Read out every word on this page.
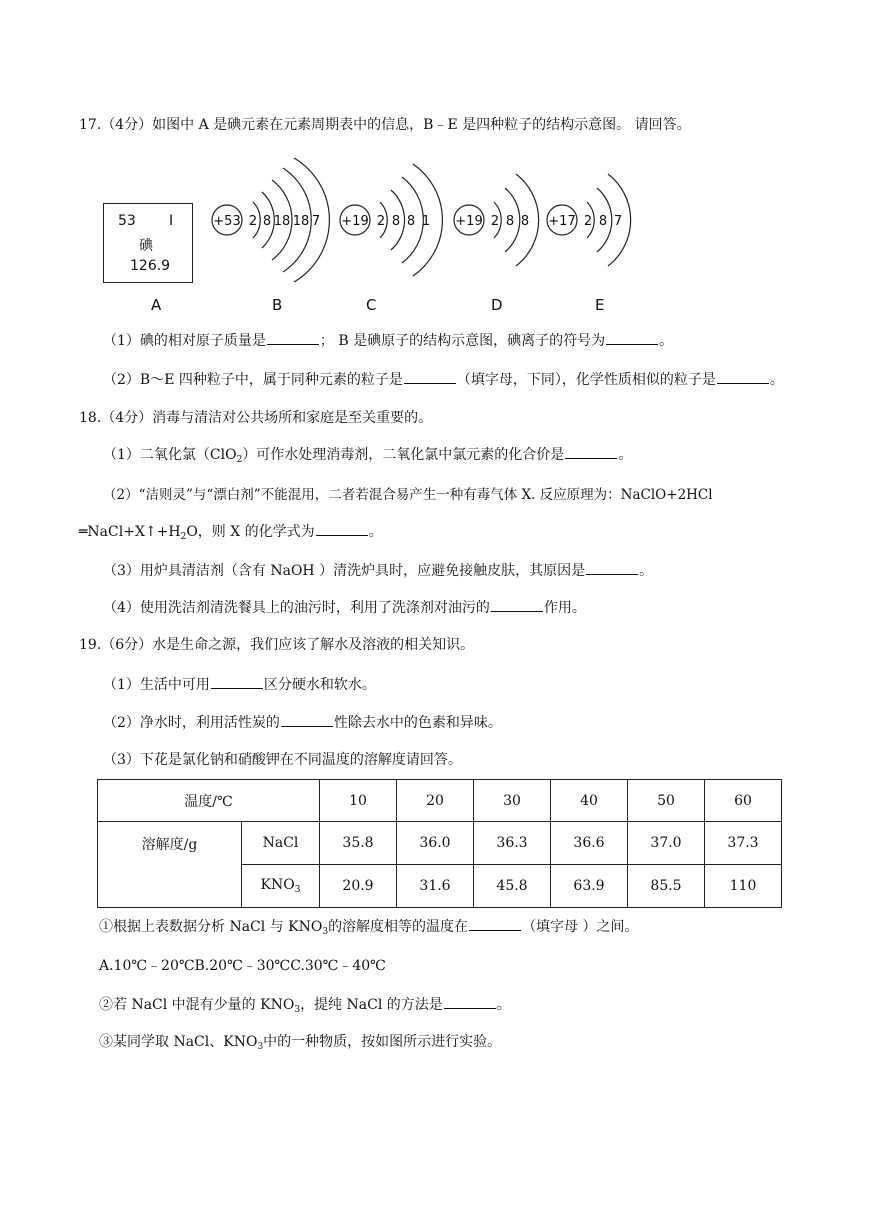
17.（4分）如图中 A 是碘元素在元素周期表中的信息，B﹣E 是四种粒子的结构示意图。 请回答。
53 I
碘
126.9
+53 2 8 18 18 7 +19 2 8 8 1 +19 2 8 8 +17 2 8 7
A	B	C	D	E
（1）碘的相对原子质量是	； B 是碘原子的结构示意图，碘离子的符号为	。
（2）B～E 四种粒子中，属于同种元素的粒子是	（填字母，下同），化学性质相似的粒子是	。
18.（4分）消毒与清洁对公共场所和家庭是至关重要的。
（1）二氧化氯（ClO$_2$）可作水处理消毒剂，二氧化氯中氯元素的化合价是	。
（2）“洁则灵”与“漂白剂”不能混用，二者若混合易产生一种有毒气体 X. 反应原理为：NaClO+2HCl
$═NaCl+X↑+H_2O$，则 X 的化学式为	。
（3）用炉具清洁剂（含有 NaOH ）清洗炉具时，应避免接触皮肤，其原因是	。
（4）使用洗洁剂清洗餐具上的油污时，利用了洗涤剂对油污的	作用。
19.（6分）水是生命之源，我们应该了解水及溶液的相关知识。
（1）生活中可用	区分硬水和软水。
（2）净水时，利用活性炭的	性除去水中的色素和异味。
（3）下花是氯化钠和硝酸钾在不同温度的溶解度请回答。
温度/℃		10	20	30	40	50	60
溶解度/g	NaCl	35.8	36.0	36.3	36.6	37.0	37.3
	$KNO_3$	20.9	31.6	45.8	63.9	85.5	110
①根据上表数据分析 NaCl 与 $KNO_3$的溶解度相等的温度在	（填字母 ）之间。
A.10℃﹣20℃B.20℃﹣30℃C.30℃﹣40℃
②若 NaCl 中混有少量的 $KNO_3$，提纯 NaCl 的方法是	。
③某同学取 NaCl、$KNO_3$中的一种物质，按如图所示进行实验。
